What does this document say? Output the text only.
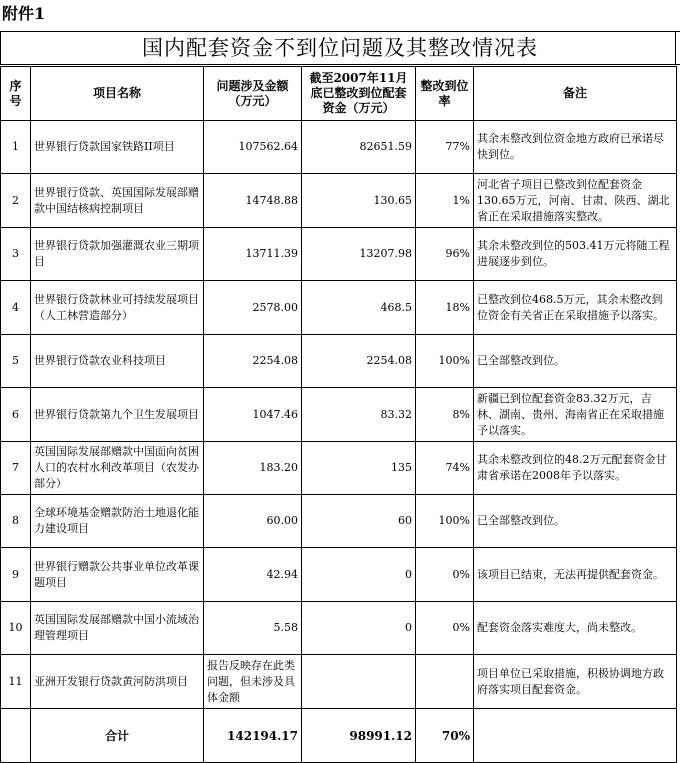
附件1
国内配套资金不到位问题及其整改情况表
序号	项目名称	问题涉及金额（万元）	截至2007年11月底已整改到位配套资金（万元）	整改到位率	备注
1	世界银行贷款国家铁路II项目	107562.64	82651.59	77%	其余未整改到位资金地方政府已承诺尽快到位。
2	世界银行贷款、英国国际发展部赠款中国结核病控制项目	14748.88	130.65	1%	河北省子项目已整改到位配套资金130.65万元，河南、甘肃、陕西、湖北省正在采取措施落实整改。
3	世界银行贷款加强灌溉农业三期项目	13711.39	13207.98	96%	其余未整改到位的503.41万元将随工程进展逐步到位。
4	世界银行贷款林业可持续发展项目（人工林营造部分）	2578.00	468.5	18%	已整改到位468.5万元，其余未整改到位资金有关省正在采取措施予以落实。
5	世界银行贷款农业科技项目	2254.08	2254.08	100%	已全部整改到位。
6	世界银行贷款第九个卫生发展项目	1047.46	83.32	8%	新疆已到位配套资金83.32万元，吉林、湖南、贵州、海南省正在采取措施予以落实。
7	英国国际发展部赠款中国面向贫困人口的农村水利改革项目（农发办部分）	183.20	135	74%	其余未整改到位的48.2万元配套资金甘肃省承诺在2008年予以落实。
8	全球环境基金赠款防治土地退化能力建设项目	60.00	60	100%	已全部整改到位。
9	世界银行赠款公共事业单位改革课题项目	42.94	0	0%	该项目已结束，无法再提供配套资金。
10	英国国际发展部赠款中国小流域治理管理项目	5.58	0	0%	配套资金落实难度大，尚未整改。
11	亚洲开发银行贷款黄河防洪项目	报告反映存在此类问题，但未涉及具体金额			项目单位已采取措施，积极协调地方政府落实项目配套资金。
	合计	142194.17	98991.12	70%	
